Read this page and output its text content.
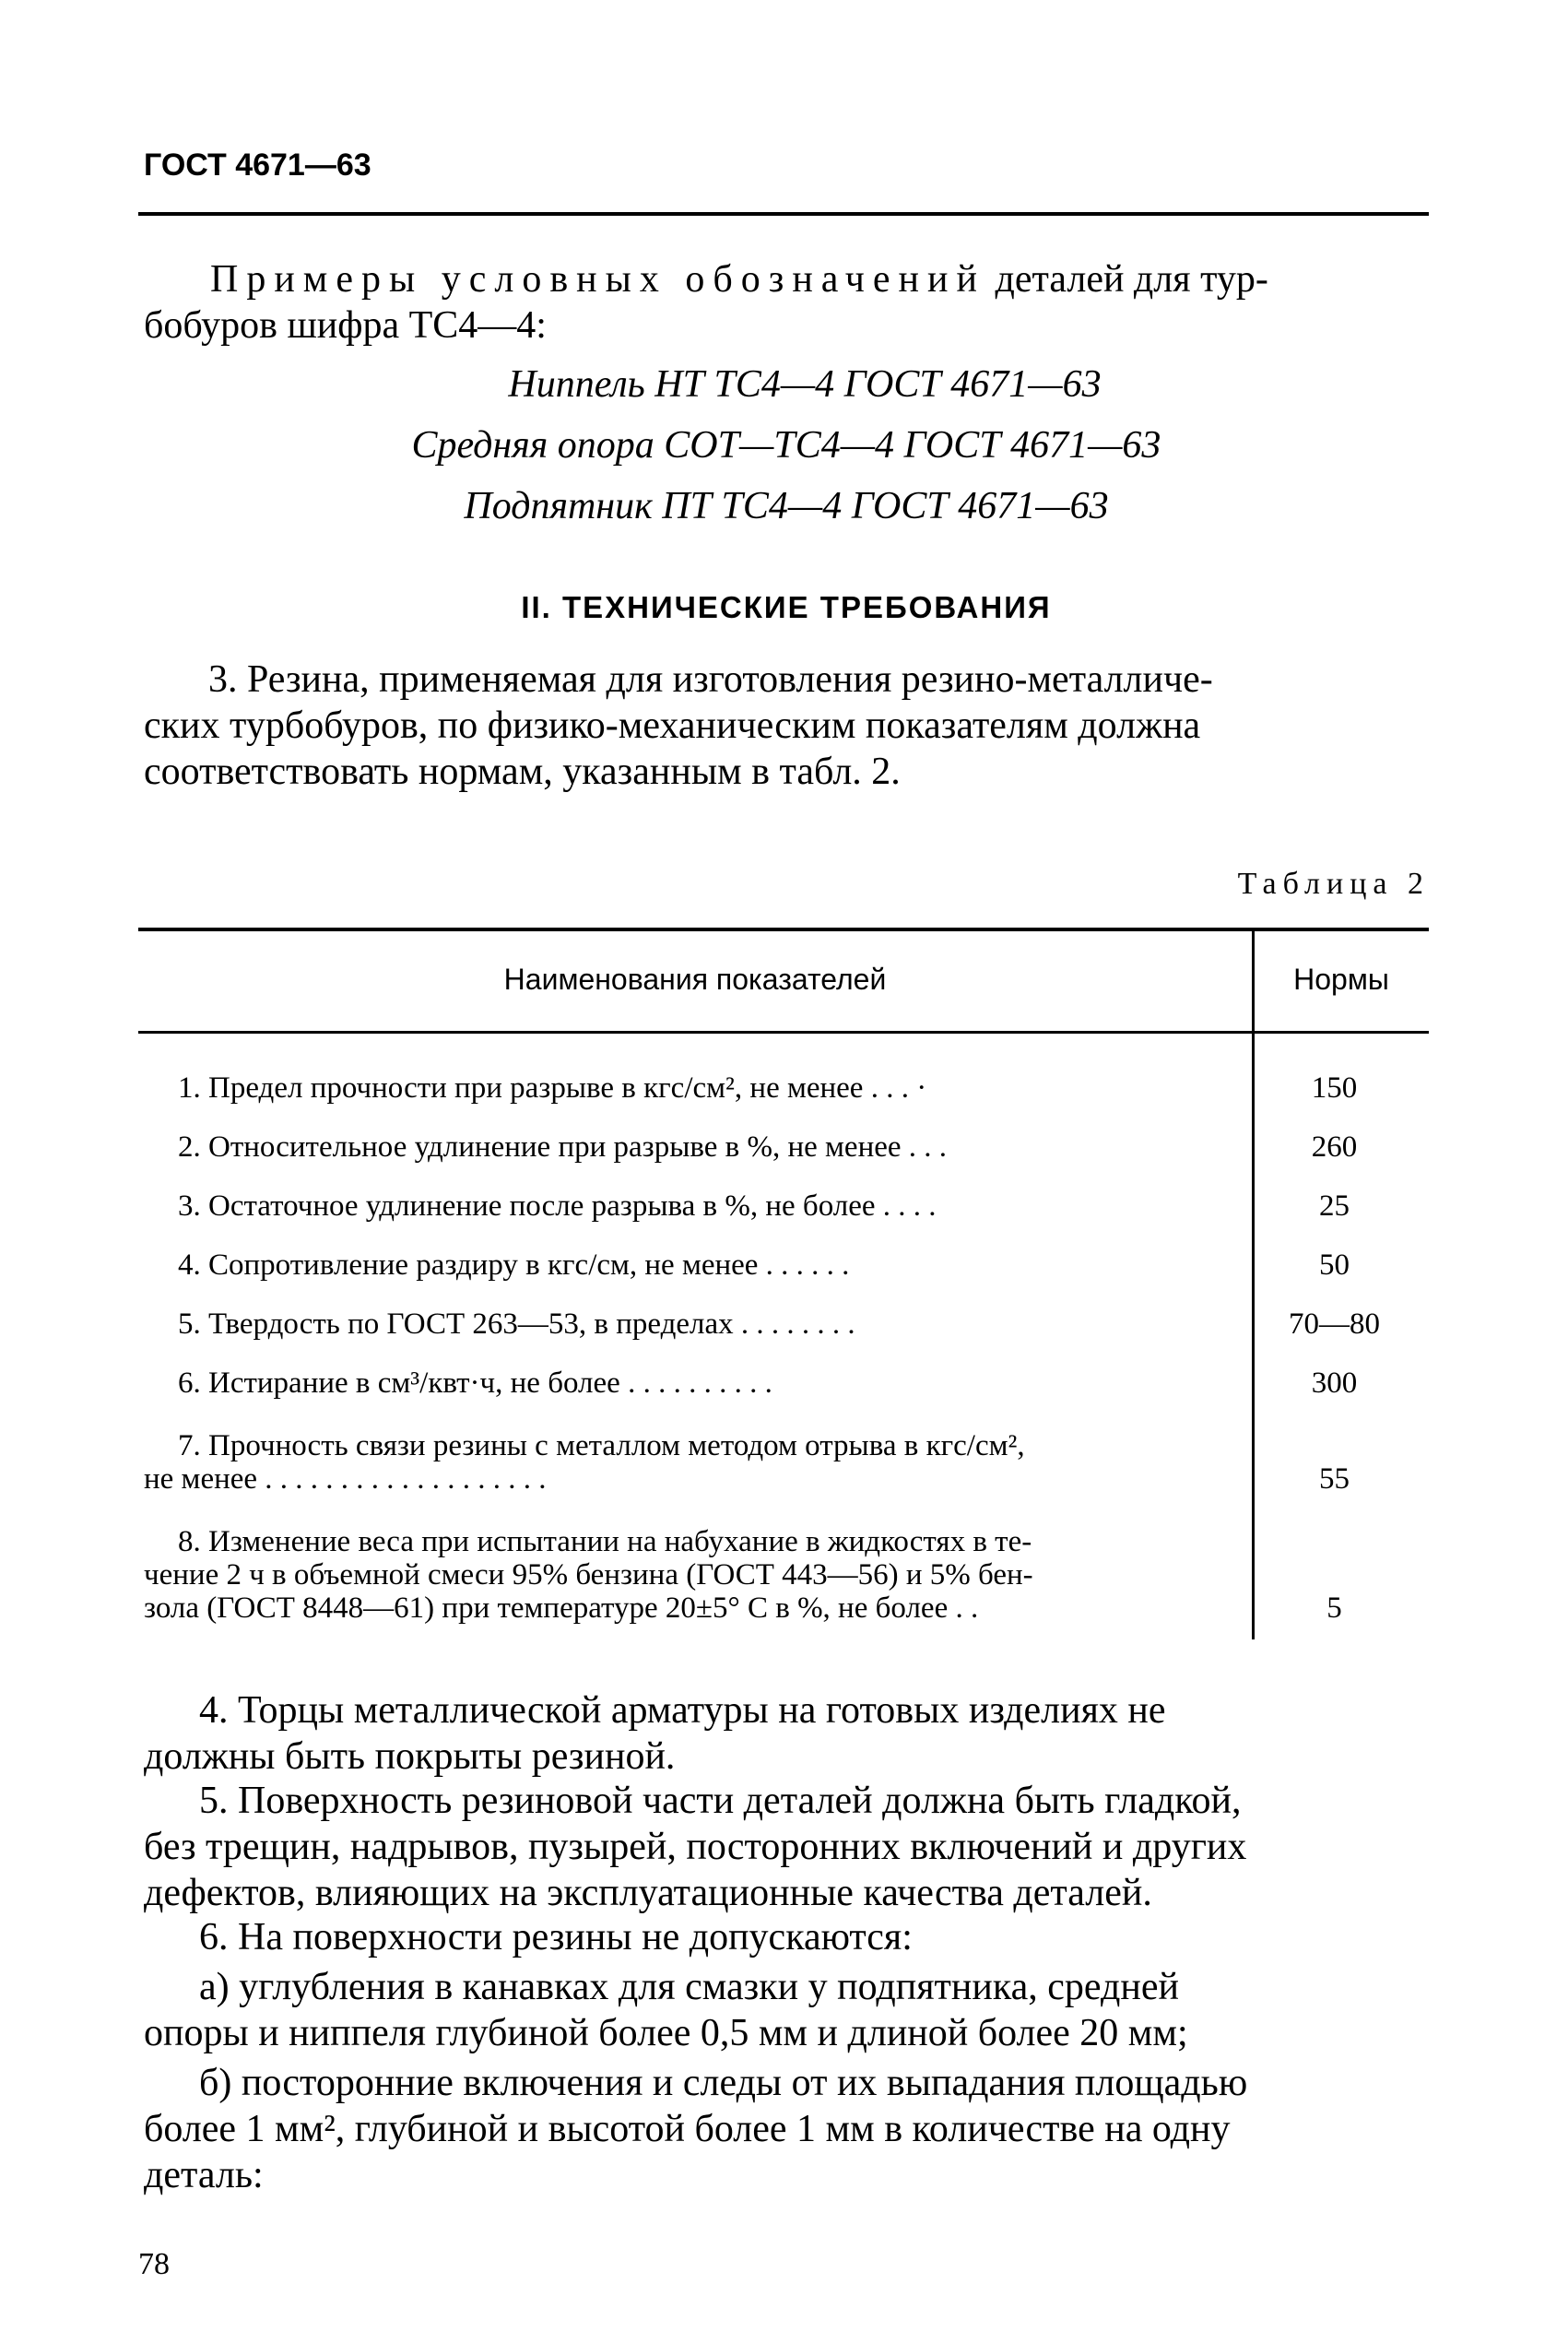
ГОСТ 4671—63
Примеры условных обозначений деталей для тур-
бобуров шифра ТС4—4:
Ниппель НТ ТС4—4 ГОСТ 4671—63
Средняя опора СОТ—ТС4—4 ГОСТ 4671—63
Подпятник ПТ ТС4—4 ГОСТ 4671—63
II. ТЕХНИЧЕСКИЕ ТРЕБОВАНИЯ
3. Резина, применяемая для изготовления резино-металличе-
ских турбобуров, по физико-механическим показателям должна
соответствовать нормам, указанным в табл. 2.
Таблица 2
Наименования показателей	Нормы
1. Предел прочности при разрыве в кгс/см², не менее . . . ·	150
2. Относительное удлинение при разрыве в %, не менее . . .	260
3. Остаточное удлинение после разрыва в %, не более . . . .	25
4. Сопротивление раздиру в кгс/см, не менее . . . . . .	50
5. Твердость по ГОСТ 263—53, в пределах . . . . . . . .	70—80
6. Истирание в см³/квт·ч, не более . . . . . . . . . .	300
7. Прочность связи резины с металлом методом отрыва в кгс/см²,
не менее . . . . . . . . . . . . . . . . . . .	55
8. Изменение веса при испытании на набухание в жидкостях в те-
чение 2 ч в объемной смеси 95% бензина (ГОСТ 443—56) и 5% бен-
зола (ГОСТ 8448—61) при температуре 20±5° С в %, не более . .	5
4. Торцы металлической арматуры на готовых изделиях не
должны быть покрыты резиной.
5. Поверхность резиновой части деталей должна быть гладкой,
без трещин, надрывов, пузырей, посторонних включений и других
дефектов, влияющих на эксплуатационные качества деталей.
6. На поверхности резины не допускаются:
а) углубления в канавках для смазки у подпятника, средней
опоры и ниппеля глубиной более 0,5 мм и длиной более 20 мм;
б) посторонние включения и следы от их выпадания площадью
более 1 мм², глубиной и высотой более 1 мм в количестве на одну
деталь:
78
